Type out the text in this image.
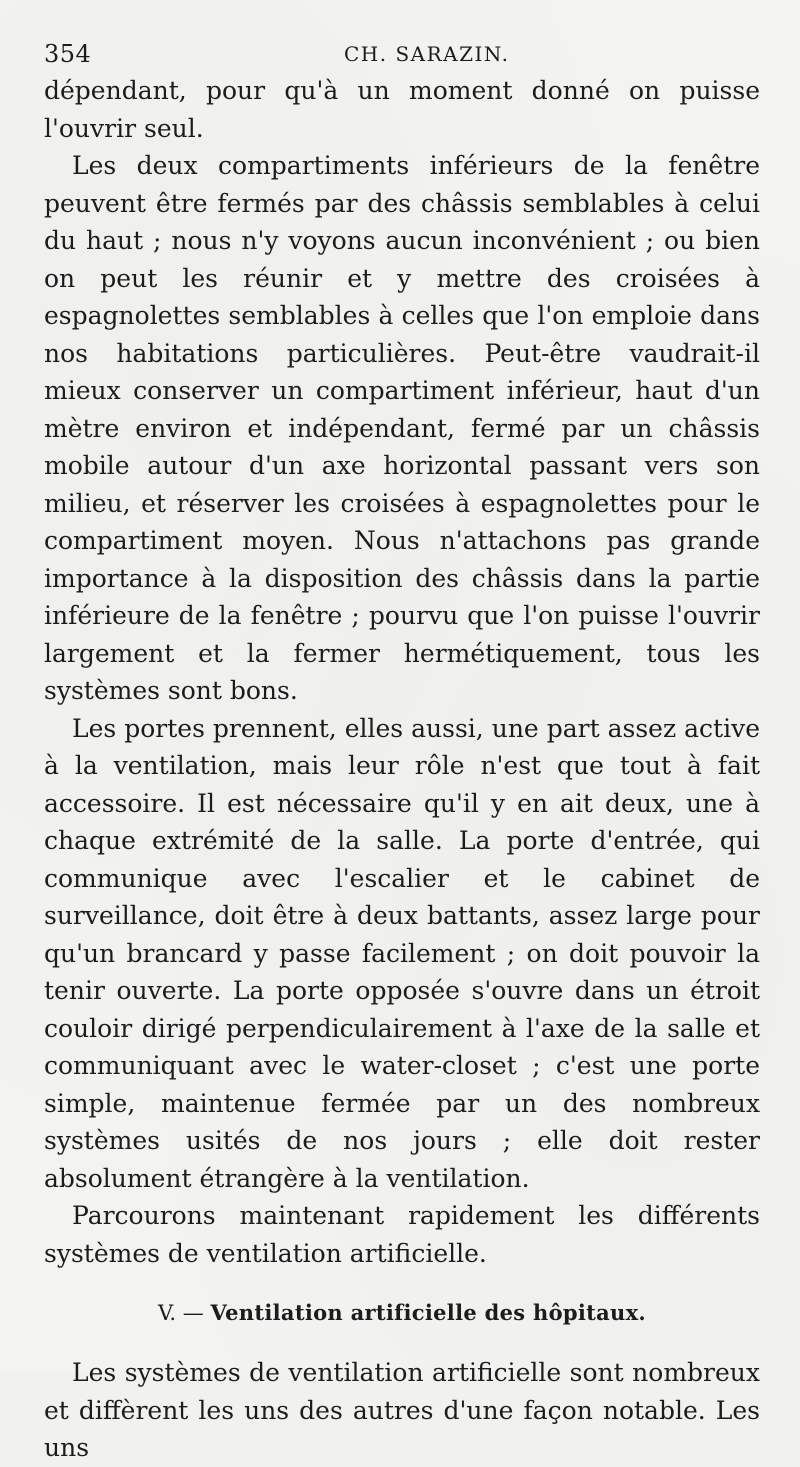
354	CH. SARAZIN.

dépendant, pour qu'à un moment donné on puisse l'ouvrir seul.

Les deux compartiments inférieurs de la fenêtre peuvent être fermés par des châssis semblables à celui du haut ; nous n'y voyons aucun inconvénient ; ou bien on peut les réunir et y mettre des croisées à espagnolettes semblables à celles que l'on emploie dans nos habitations particulières. Peut-être vaudrait-il mieux conserver un compartiment inférieur, haut d'un mètre environ et indépendant, fermé par un châssis mobile autour d'un axe horizontal passant vers son milieu, et réserver les croisées à espagnolettes pour le compartiment moyen. Nous n'attachons pas grande importance à la disposition des châssis dans la partie inférieure de la fenêtre ; pourvu que l'on puisse l'ouvrir largement et la fermer hermétiquement, tous les systèmes sont bons.

Les portes prennent, elles aussi, une part assez active à la ventilation, mais leur rôle n'est que tout à fait accessoire. Il est nécessaire qu'il y en ait deux, une à chaque extrémité de la salle. La porte d'entrée, qui communique avec l'escalier et le cabinet de surveillance, doit être à deux battants, assez large pour qu'un brancard y passe facilement ; on doit pouvoir la tenir ouverte. La porte opposée s'ouvre dans un étroit couloir dirigé perpendiculairement à l'axe de la salle et communiquant avec le water-closet ; c'est une porte simple, maintenue fermée par un des nombreux systèmes usités de nos jours ; elle doit rester absolument étrangère à la ventilation.

Parcourons maintenant rapidement les différents systèmes de ventilation artificielle.

V. — Ventilation artificielle des hôpitaux.

Les systèmes de ventilation artificielle sont nombreux et diffèrent les uns des autres d'une façon notable. Les uns
